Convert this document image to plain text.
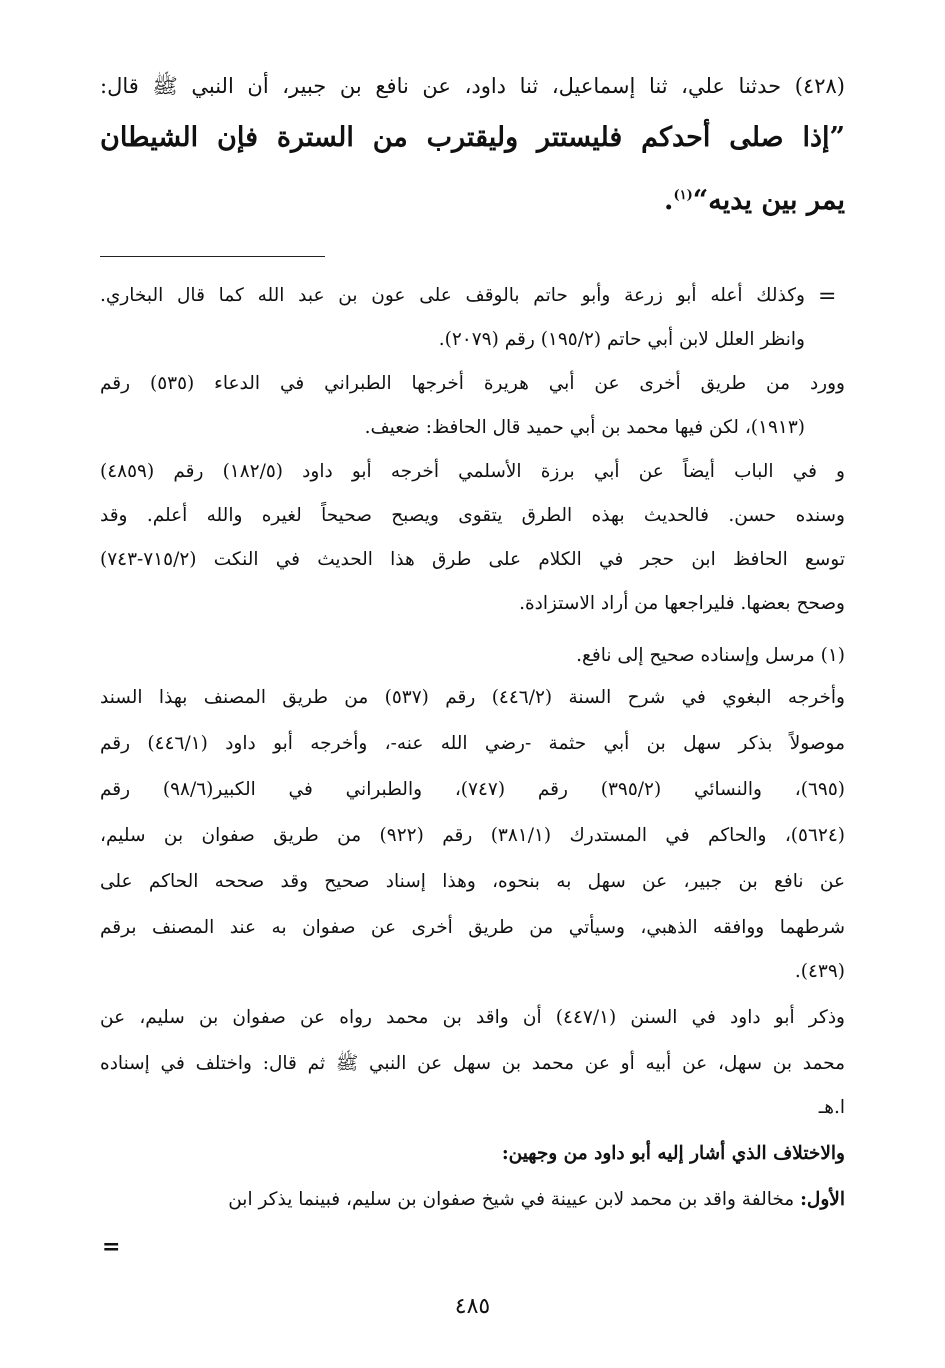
(٤٢٨) حدثنا علي، ثنا إسماعيل، ثنا داود، عن نافع بن جبير، أن النبي ﷺ قال:
”إذا صلى أحدكم فليستتر وليقترب من السترة فإن الشيطان
يمر بين يديه“$^{(١)}$.
=
وكذلك أعله أبو زرعة وأبو حاتم بالوقف على عون بن عبد الله كما قال البخاري.
وانظر العلل لابن أبي حاتم (١٩٥/٢) رقم (٢٠٧٩).
وورد من طريق أخرى عن أبي هريرة أخرجها الطبراني في الدعاء (٥٣٥) رقم
(١٩١٣)، لكن فيها محمد بن أبي حميد قال الحافظ: ضعيف.
و في الباب أيضاً عن أبي برزة الأسلمي أخرجه أبو داود (١٨٢/٥) رقم (٤٨٥٩)
وسنده حسن. فالحديث بهذه الطرق يتقوى ويصبح صحيحاً لغيره والله أعلم. وقد
توسع الحافظ ابن حجر في الكلام على طرق هذا الحديث في النكت (٧١٥/٢-٧٤٣)
وصحح بعضها. فليراجعها من أراد الاستزادة.
(١) مرسل وإسناده صحيح إلى نافع.
وأخرجه البغوي في شرح السنة (٤٤٦/٢) رقم (٥٣٧) من طريق المصنف بهذا السند
موصولاً بذكر سهل بن أبي حثمة -رضي الله عنه-، وأخرجه أبو داود (٤٤٦/١) رقم
(٦٩٥)، والنسائي (٣٩٥/٢) رقم (٧٤٧)، والطبراني في الكبير(٩٨/٦) رقم
(٥٦٢٤)، والحاكم في المستدرك (٣٨١/١) رقم (٩٢٢) من طريق صفوان بن سليم،
عن نافع بن جبير، عن سهل به بنحوه، وهذا إسناد صحيح وقد صححه الحاكم على
شرطهما ووافقه الذهبي، وسيأتي من طريق أخرى عن صفوان به عند المصنف برقم
(٤٣٩).
وذكر أبو داود في السنن (٤٤٧/١) أن واقد بن محمد رواه عن صفوان بن سليم، عن
محمد بن سهل، عن أبيه أو عن محمد بن سهل عن النبي ﷺ ثم قال: واختلف في إسناده
ا.هـ
والاختلاف الذي أشار إليه أبو داود من وجهين:
الأول: مخالفة واقد بن محمد لابن عيينة في شيخ صفوان بن سليم، فبينما يذكر ابن
=
٤٨٥
